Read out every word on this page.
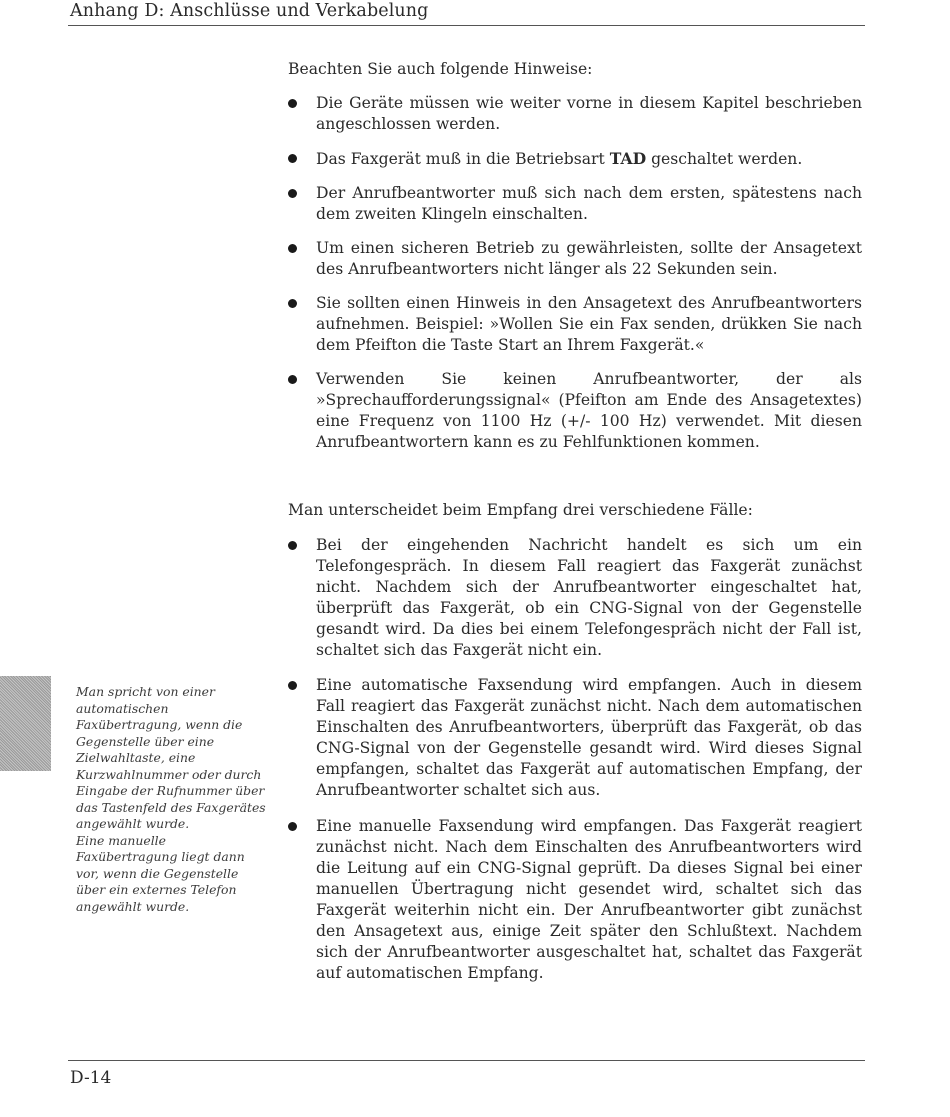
Anhang D: Anschlüsse und Verkabelung
Beachten Sie auch folgende Hinweise:
Die Geräte müssen wie weiter vorne in diesem Kapitel beschrieben angeschlossen werden.
Das Faxgerät muß in die Betriebsart TAD geschaltet werden.
Der Anrufbeantworter muß sich nach dem ersten, spätestens nach dem zweiten Klingeln einschalten.
Um einen sicheren Betrieb zu gewährleisten, sollte der Ansagetext des Anrufbeantworters nicht länger als 22 Sekunden sein.
Sie sollten einen Hinweis in den Ansagetext des Anrufbeantworters aufnehmen. Beispiel: »Wollen Sie ein Fax senden, drükken Sie nach dem Pfeifton die Taste Start an Ihrem Faxgerät.«
Verwenden Sie keinen Anrufbeantworter, der als »Sprechaufforderungssignal« (Pfeifton am Ende des Ansagetextes) eine Frequenz von 1100 Hz (+/- 100 Hz) verwendet. Mit diesen Anrufbeantwortern kann es zu Fehlfunktionen kommen.
Man unterscheidet beim Empfang drei verschiedene Fälle:
Bei der eingehenden Nachricht handelt es sich um ein Telefongespräch. In diesem Fall reagiert das Faxgerät zunächst nicht. Nachdem sich der Anrufbeantworter eingeschaltet hat, überprüft das Faxgerät, ob ein CNG-Signal von der Gegenstelle gesandt wird. Da dies bei einem Telefongespräch nicht der Fall ist, schaltet sich das Faxgerät nicht ein.
Eine automatische Faxsendung wird empfangen. Auch in diesem Fall reagiert das Faxgerät zunächst nicht. Nach dem automatischen Einschalten des Anrufbeantworters, überprüft das Faxgerät, ob das CNG-Signal von der Gegenstelle gesandt wird. Wird dieses Signal empfangen, schaltet das Faxgerät auf automatischen Empfang, der Anrufbeantworter schaltet sich aus.
Eine manuelle Faxsendung wird empfangen. Das Faxgerät reagiert zunächst nicht. Nach dem Einschalten des Anrufbeantworters wird die Leitung auf ein CNG-Signal geprüft. Da dieses Signal bei einer manuellen Übertragung nicht gesendet wird, schaltet sich das Faxgerät weiterhin nicht ein. Der Anrufbeantworter gibt zunächst den Ansagetext aus, einige Zeit später den Schlußtext. Nachdem sich der Anrufbeantworter ausgeschaltet hat, schaltet das Faxgerät auf automatischen Empfang.

Man spricht von einer automatischen Faxübertragung, wenn die Gegenstelle über eine Zielwahltaste, eine Kurzwahlnummer oder durch Eingabe der Rufnummer über das Tastenfeld des Faxgerätes angewählt wurde.

Eine manuelle Faxübertragung liegt dann vor, wenn die Gegenstelle über ein externes Telefon angewählt wurde.

D-14
